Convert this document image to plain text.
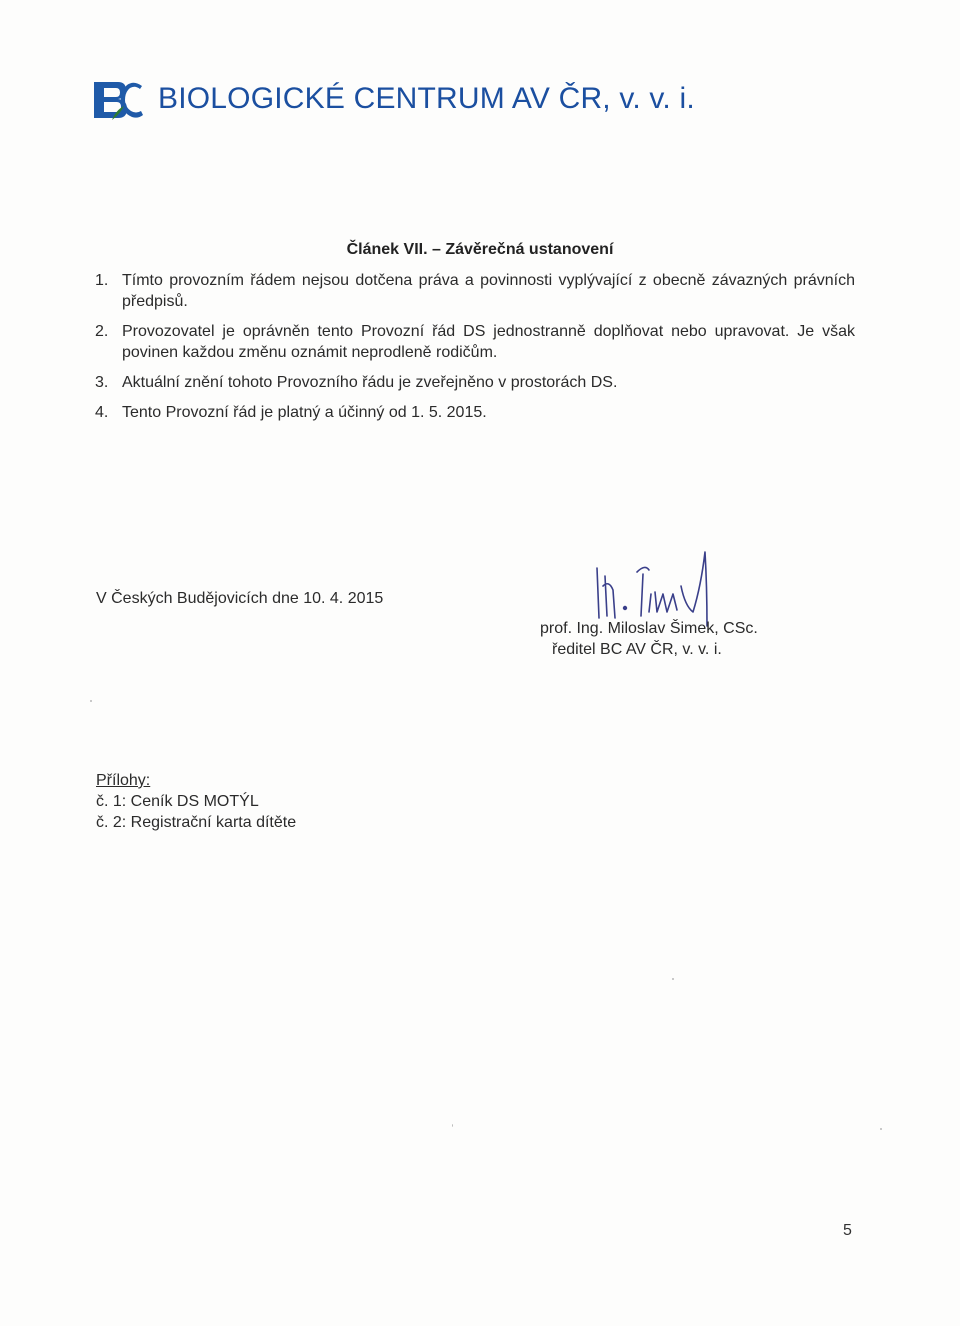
BIOLOGICKÉ CENTRUM AV ČR, v. v. i.
Článek VII. – Závěrečná ustanovení
1. Tímto provozním řádem nejsou dotčena práva a povinnosti vyplývající z obecně závazných právních předpisů.
2. Provozovatel je oprávněn tento Provozní řád DS jednostranně doplňovat nebo upravovat. Je však povinen každou změnu oznámit neprodleně rodičům.
3. Aktuální znění tohoto Provozního řádu je zveřejněno v prostorách DS.
4. Tento Provozní řád je platný a účinný od 1. 5. 2015.
V Českých Budějovicích dne 10. 4. 2015
prof. Ing. Miloslav Šimek, CSc.
ředitel BC AV ČR, v. v. i.
Přílohy:
č. 1: Ceník DS MOTÝL
č. 2: Registrační karta dítěte
5
